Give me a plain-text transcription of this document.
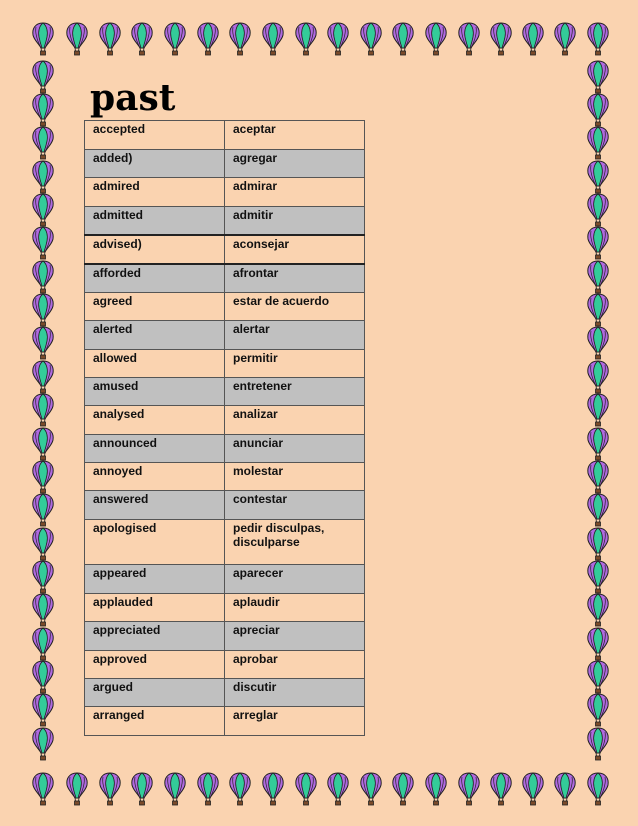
past
accepted	aceptar
added)	agregar
admired	admirar
admitted	admitir
advised)	aconsejar
afforded	afrontar
agreed	estar de acuerdo
alerted	alertar
allowed	permitir
amused	entretener
analysed	analizar
announced	anunciar
annoyed	molestar
answered	contestar
apologised	pedir disculpas, disculparse
appeared	aparecer
applauded	aplaudir
appreciated	apreciar
approved	aprobar
argued	discutir
arranged	arreglar
